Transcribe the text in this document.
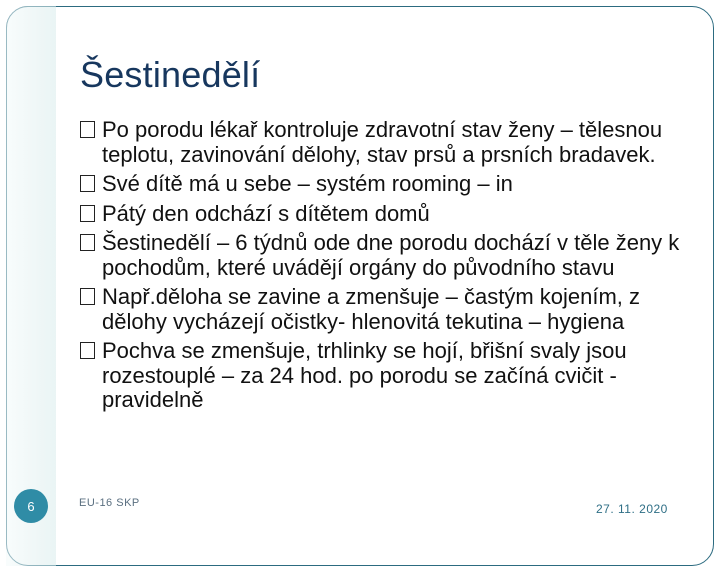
Šestinedělí
Po porodu lékař kontroluje zdravotní stav ženy – tělesnou teplotu, zavinování dělohy, stav prsů a prsních bradavek.
Své dítě má u sebe – systém rooming – in
Pátý den odchází s dítětem domů
Šestinedělí – 6 týdnů ode dne porodu dochází v těle ženy k pochodům, které uvádějí orgány do původního stavu
Např.děloha se zavine a zmenšuje – častým kojením, z dělohy vycházejí očistky- hlenovitá tekutina – hygiena
Pochva se zmenšuje, trhlinky se hojí, břišní svaly jsou rozestouplé – za 24 hod. po porodu se začíná cvičit - pravidelně
6	EU-16 SKP	27. 11. 2020
